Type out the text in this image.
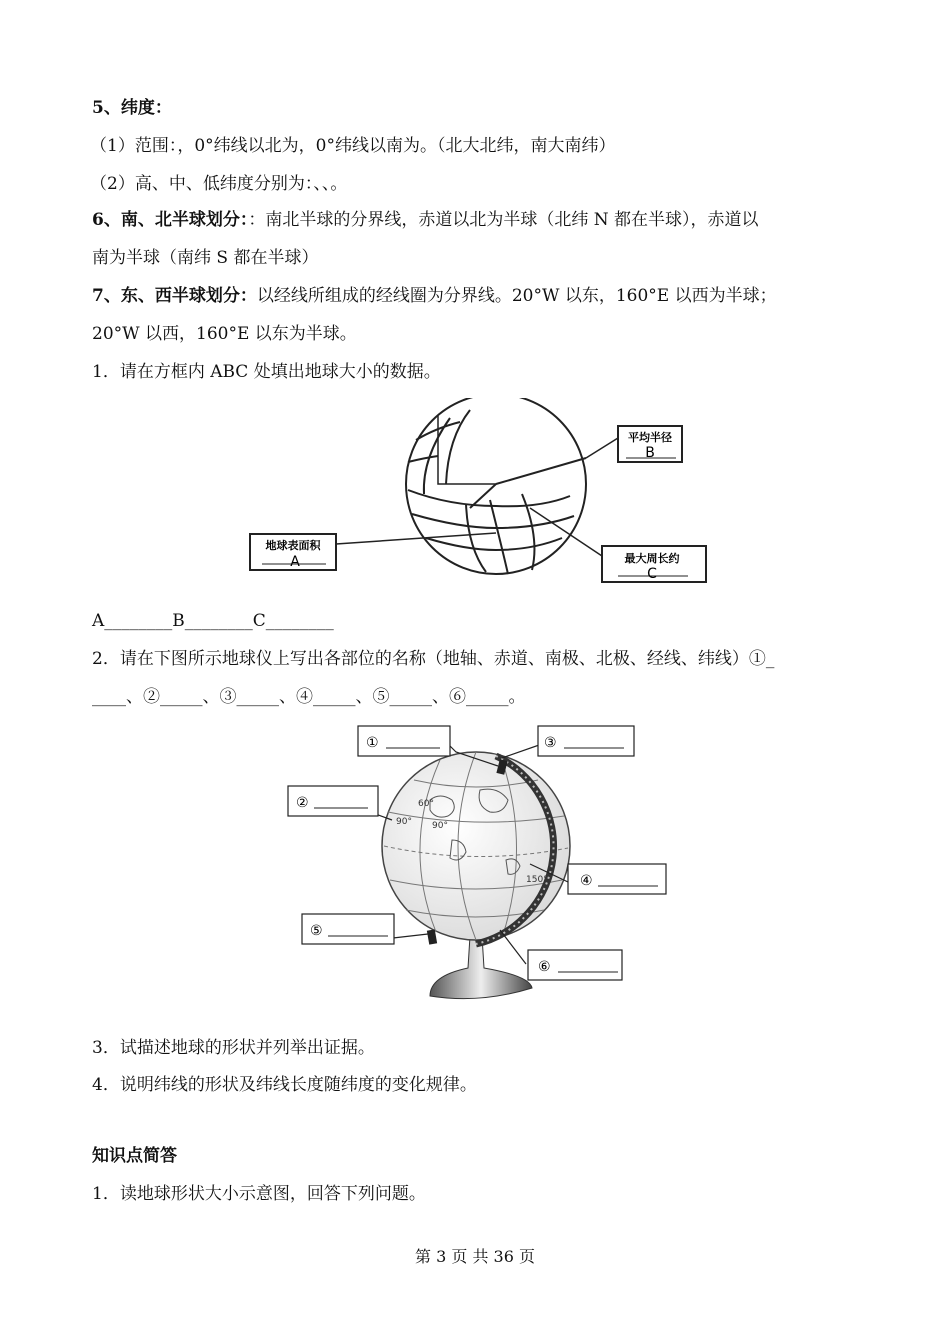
5、纬度：
（1）范围：，0°纬线以北为，0°纬线以南为。（北大北纬，南大南纬）
（2）高、中、低纬度分别为：、、。
6、南、北半球划分：：南北半球的分界线，赤道以北为半球（北纬 N 都在半球），赤道以
南为半球（南纬 S 都在半球）
7、东、西半球划分：以经线所组成的经线圈为分界线。20°W 以东，160°E 以西为半球；
20°W 以西，160°E 以东为半球。
1．请在方框内 ABC 处填出地球大小的数据。
地球表面积
A
平均半径
B
最大周长约
C
A________B________C________
2．请在下图所示地球仪上写出各部位的名称（地轴、赤道、南极、北极、经线、纬线）①_
____、②_____、③_____、④_____、⑤_____、⑥_____。
90°
60°
90°
150°
①	③
②
④
⑤
⑥
3．试描述地球的形状并列举出证据。
4．说明纬线的形状及纬线长度随纬度的变化规律。
知识点简答
1．读地球形状大小示意图，回答下列问题。
第 3 页 共 36 页
